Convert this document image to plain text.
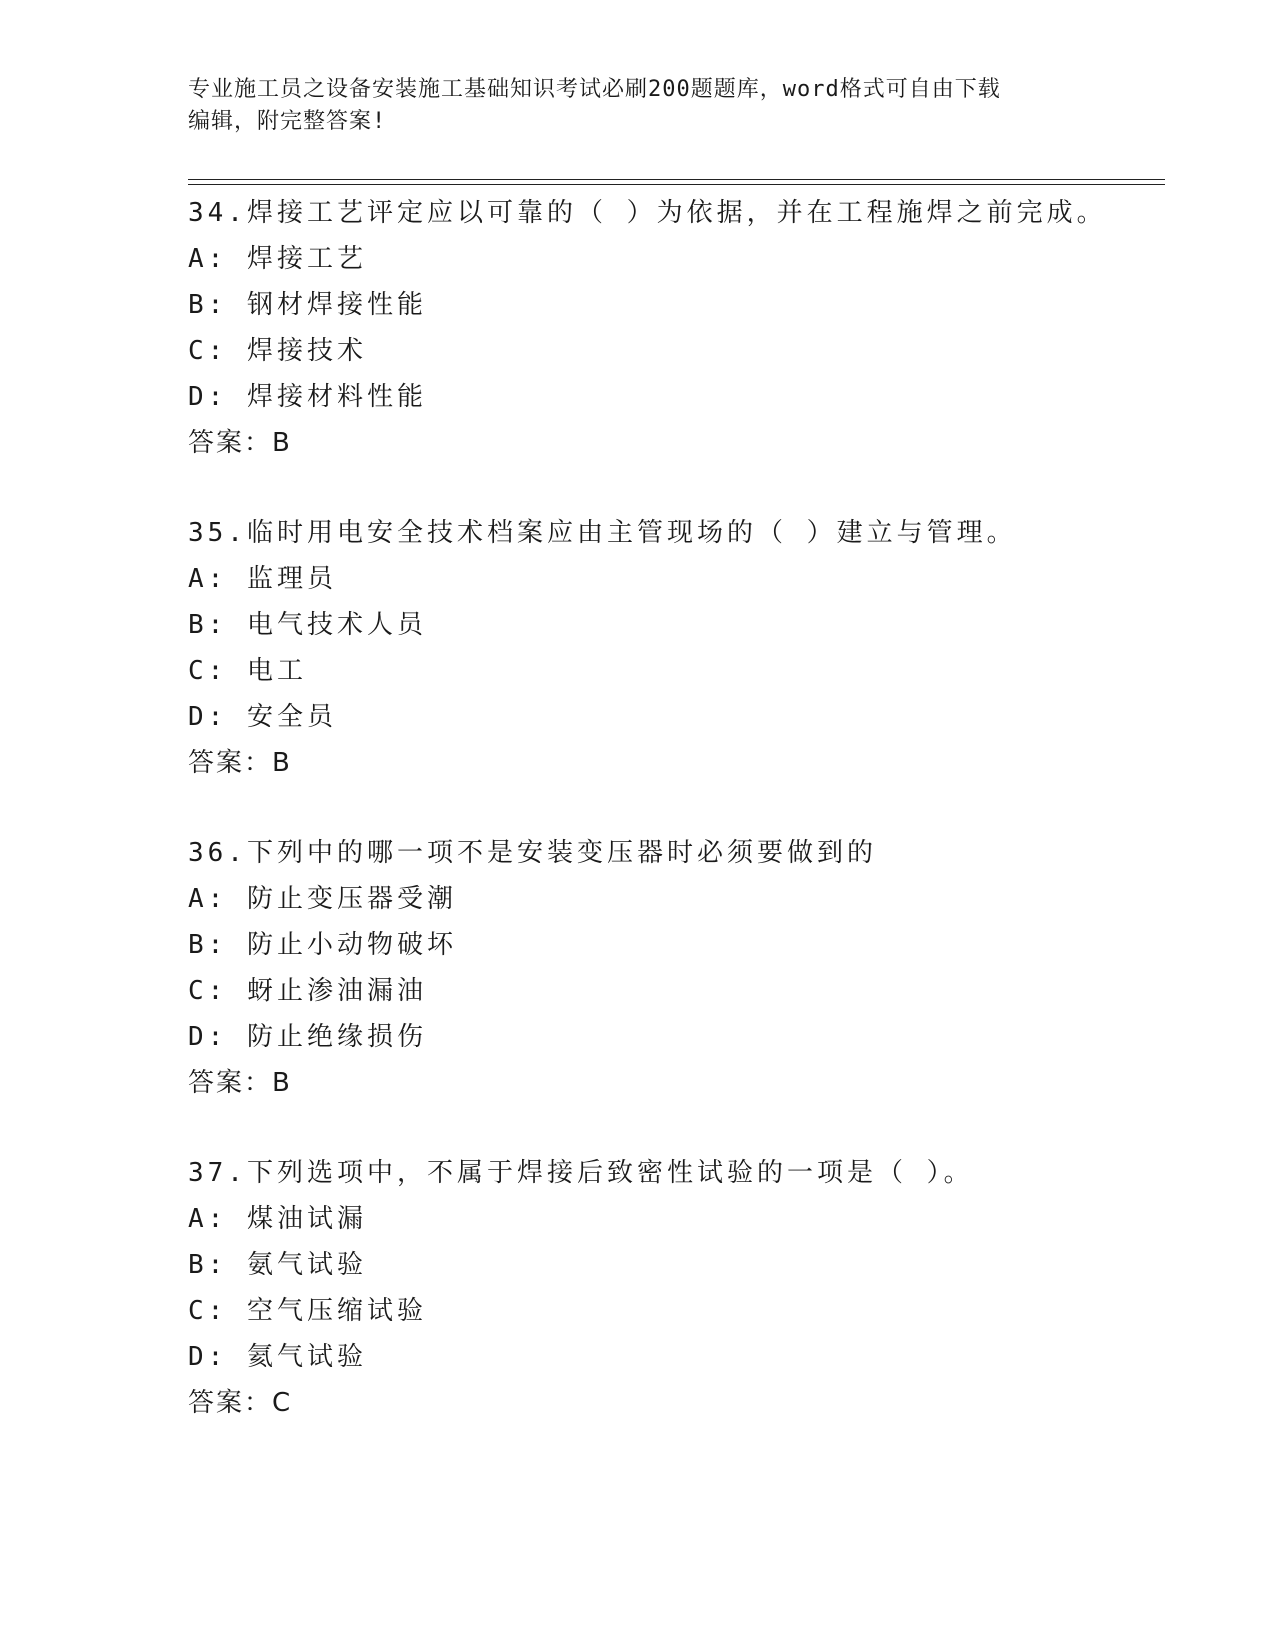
专业施工员之设备安装施工基础知识考试必刷200题题库，word格式可自由下载
编辑，附完整答案!
34.焊接工艺评定应以可靠的（ ）为依据，并在工程施焊之前完成。
A: 焊接工艺
B: 钢材焊接性能
C: 焊接技术
D: 焊接材料性能
答案：B
35.临时用电安全技术档案应由主管现场的（ ）建立与管理。
A: 监理员
B: 电气技术人员
C: 电工
D: 安全员
答案：B
36.下列中的哪一项不是安装变压器时必须要做到的
A: 防止变压器受潮
B: 防止小动物破坏
C: 蚜止渗油漏油
D: 防止绝缘损伤
答案：B
37.下列选项中，不属于焊接后致密性试验的一项是（ ）。
A: 煤油试漏
B: 氨气试验
C: 空气压缩试验
D: 氦气试验
答案：C
